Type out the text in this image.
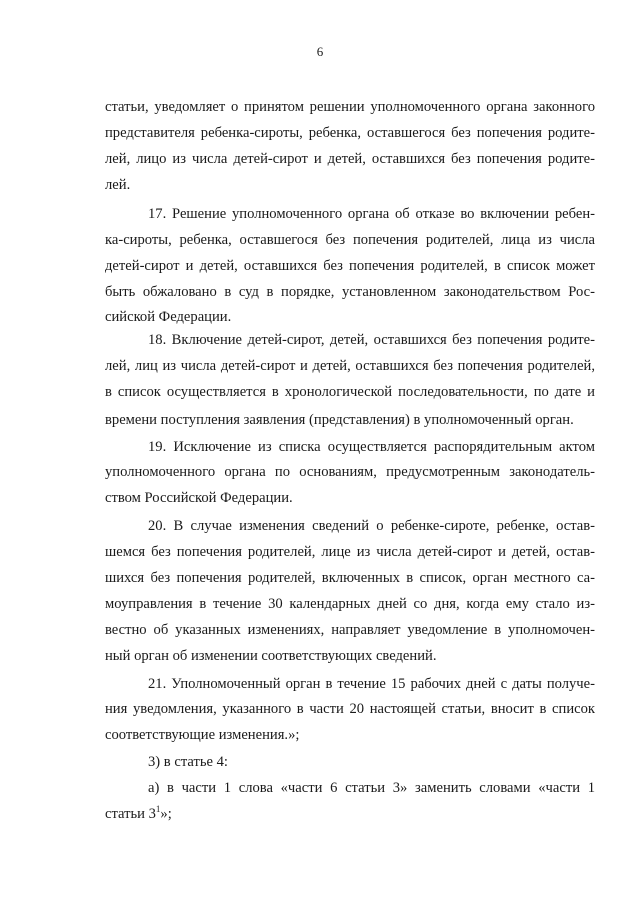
6
статьи, уведомляет о принятом решении уполномоченного органа законного
представителя ребенка-сироты, ребенка, оставшегося без попечения родите-
лей, лицо из числа детей-сирот и детей, оставшихся без попечения родите-
лей.
17. Решение уполномоченного органа об отказе во включении ребен-
ка-сироты, ребенка, оставшегося без попечения родителей, лица из числа
детей-сирот и детей, оставшихся без попечения родителей, в список может
быть обжаловано в суд в порядке, установленном законодательством Рос-
сийской Федерации.
18. Включение детей-сирот, детей, оставшихся без попечения родите-
лей, лиц из числа детей-сирот и детей, оставшихся без попечения родителей,
в список осуществляется в хронологической последовательности, по дате и
времени поступления заявления (представления) в уполномоченный орган.
19. Исключение из списка осуществляется распорядительным актом
уполномоченного органа по основаниям, предусмотренным законодатель-
ством Российской Федерации.
20. В случае изменения сведений о ребенке-сироте, ребенке, остав-
шемся без попечения родителей, лице из числа детей-сирот и детей, остав-
шихся без попечения родителей, включенных в список, орган местного са-
моуправления в течение 30 календарных дней со дня, когда ему стало из-
вестно об указанных изменениях, направляет уведомление в уполномочен-
ный орган об изменении соответствующих сведений.
21. Уполномоченный орган в течение 15 рабочих дней с даты получе-
ния уведомления, указанного в части 20 настоящей статьи, вносит в список
соответствующие изменения.»;
3) в статье 4:
а) в части 1 слова «части 6 статьи 3» заменить словами «части 1
статьи $3^1$»;
